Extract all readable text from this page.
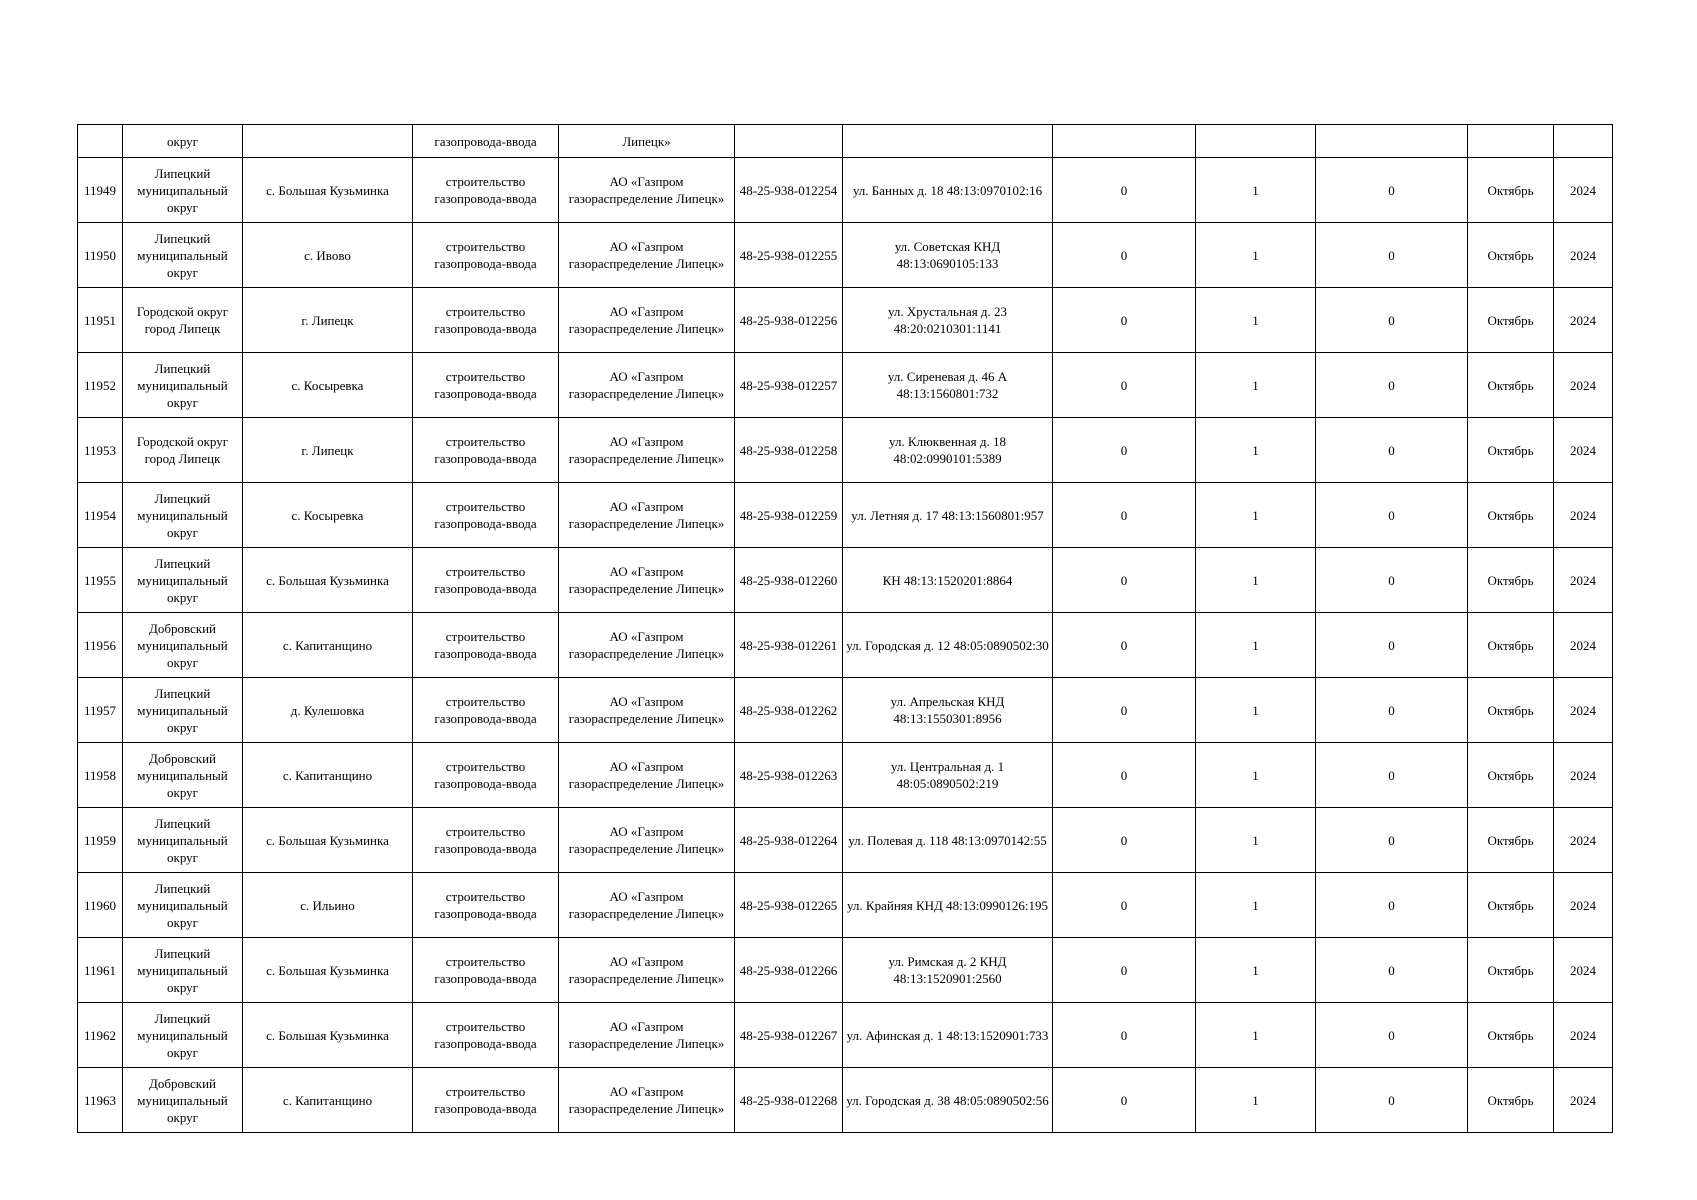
	округ		газопровода-ввода	Липецк»							
11949	Липецкий муниципальный округ	с. Большая Кузьминка	строительство газопровода-ввода	АО «Газпром газораспределение Липецк»	48-25-938-012254	ул. Банных д. 18 48:13:0970102:16	0	1	0	Октябрь	2024
11950	Липецкий муниципальный округ	с. Ивово	строительство газопровода-ввода	АО «Газпром газораспределение Липецк»	48-25-938-012255	ул. Советская КНД 48:13:0690105:133	0	1	0	Октябрь	2024
11951	Городской округ город Липецк	г. Липецк	строительство газопровода-ввода	АО «Газпром газораспределение Липецк»	48-25-938-012256	ул. Хрустальная д. 23 48:20:0210301:1141	0	1	0	Октябрь	2024
11952	Липецкий муниципальный округ	с. Косыревка	строительство газопровода-ввода	АО «Газпром газораспределение Липецк»	48-25-938-012257	ул. Сиреневая д. 46 А 48:13:1560801:732	0	1	0	Октябрь	2024
11953	Городской округ город Липецк	г. Липецк	строительство газопровода-ввода	АО «Газпром газораспределение Липецк»	48-25-938-012258	ул. Клюквенная д. 18 48:02:0990101:5389	0	1	0	Октябрь	2024
11954	Липецкий муниципальный округ	с. Косыревка	строительство газопровода-ввода	АО «Газпром газораспределение Липецк»	48-25-938-012259	ул. Летняя д. 17 48:13:1560801:957	0	1	0	Октябрь	2024
11955	Липецкий муниципальный округ	с. Большая Кузьминка	строительство газопровода-ввода	АО «Газпром газораспределение Липецк»	48-25-938-012260	КН 48:13:1520201:8864	0	1	0	Октябрь	2024
11956	Добровский муниципальный округ	с. Капитанщино	строительство газопровода-ввода	АО «Газпром газораспределение Липецк»	48-25-938-012261	ул. Городская д. 12 48:05:0890502:30	0	1	0	Октябрь	2024
11957	Липецкий муниципальный округ	д. Кулешовка	строительство газопровода-ввода	АО «Газпром газораспределение Липецк»	48-25-938-012262	ул. Апрельская КНД 48:13:1550301:8956	0	1	0	Октябрь	2024
11958	Добровский муниципальный округ	с. Капитанщино	строительство газопровода-ввода	АО «Газпром газораспределение Липецк»	48-25-938-012263	ул. Центральная д. 1 48:05:0890502:219	0	1	0	Октябрь	2024
11959	Липецкий муниципальный округ	с. Большая Кузьминка	строительство газопровода-ввода	АО «Газпром газораспределение Липецк»	48-25-938-012264	ул. Полевая д. 118 48:13:0970142:55	0	1	0	Октябрь	2024
11960	Липецкий муниципальный округ	с. Ильино	строительство газопровода-ввода	АО «Газпром газораспределение Липецк»	48-25-938-012265	ул. Крайняя КНД 48:13:0990126:195	0	1	0	Октябрь	2024
11961	Липецкий муниципальный округ	с. Большая Кузьминка	строительство газопровода-ввода	АО «Газпром газораспределение Липецк»	48-25-938-012266	ул. Римская д. 2 КНД 48:13:1520901:2560	0	1	0	Октябрь	2024
11962	Липецкий муниципальный округ	с. Большая Кузьминка	строительство газопровода-ввода	АО «Газпром газораспределение Липецк»	48-25-938-012267	ул. Афинская д. 1 48:13:1520901:733	0	1	0	Октябрь	2024
11963	Добровский муниципальный округ	с. Капитанщино	строительство газопровода-ввода	АО «Газпром газораспределение Липецк»	48-25-938-012268	ул. Городская д. 38 48:05:0890502:56	0	1	0	Октябрь	2024
